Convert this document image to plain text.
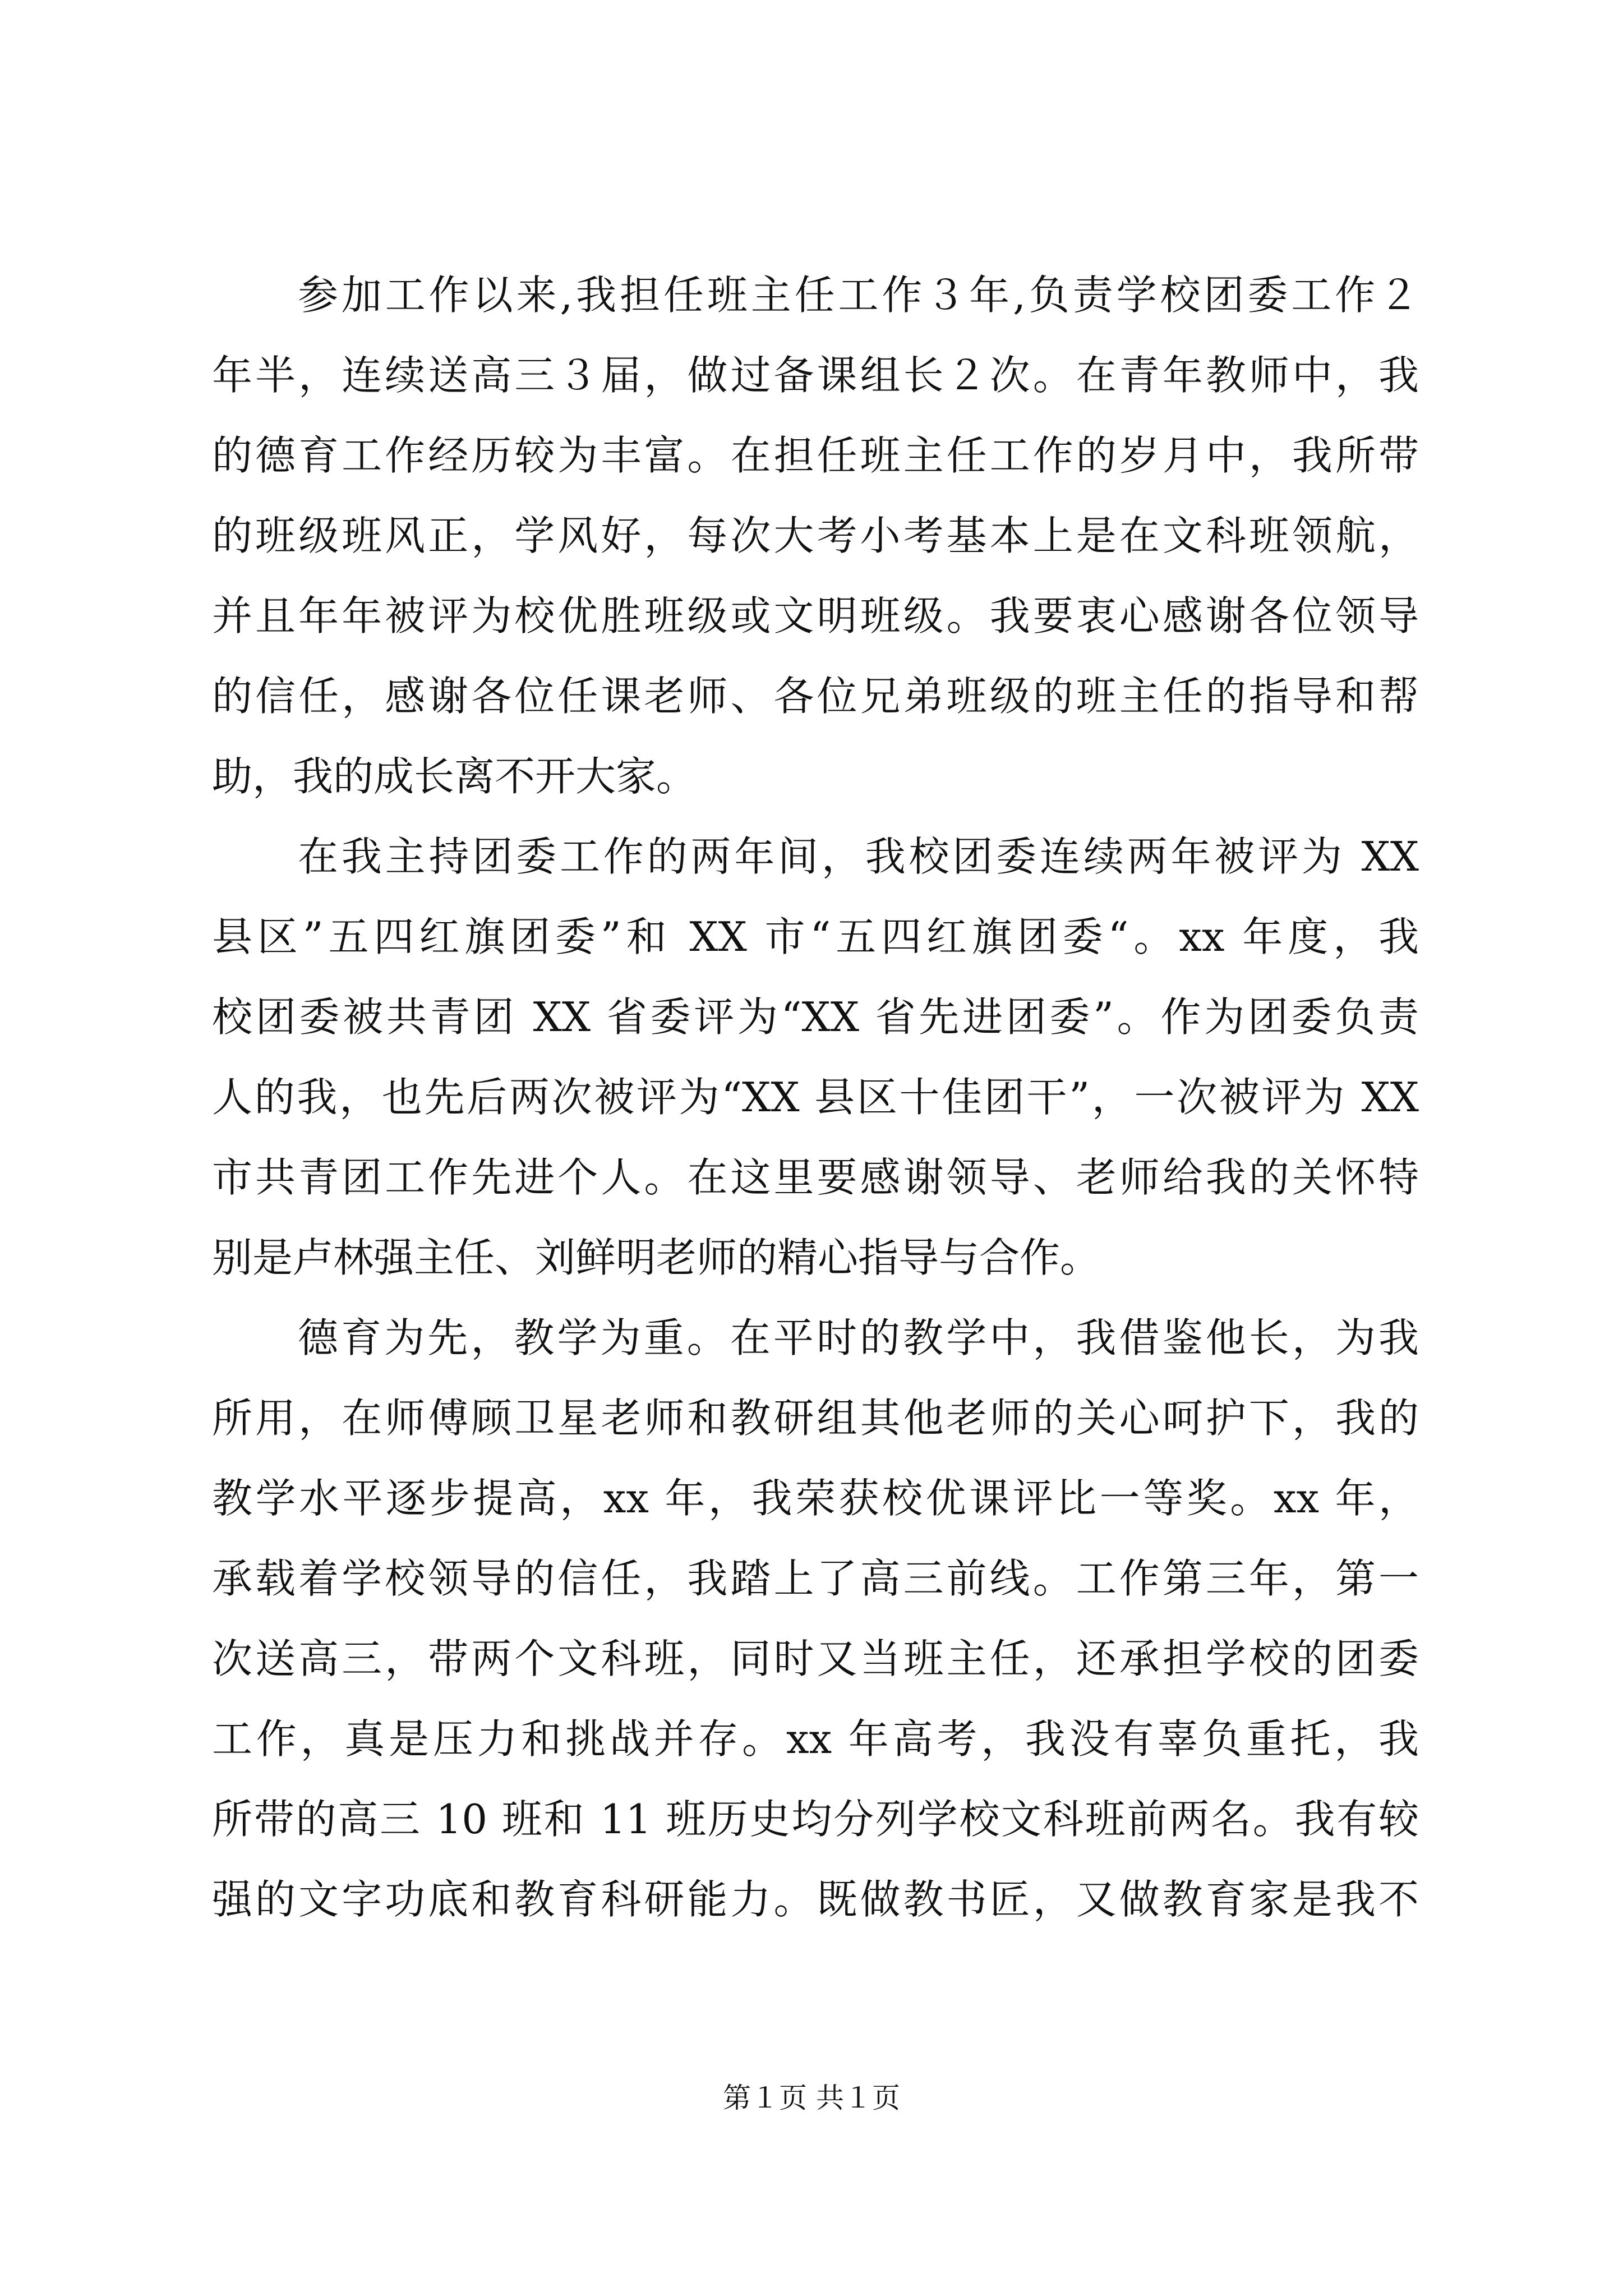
参加工作以来,我担任班主任工作３年,负责学校团委工作２
年半，连续送高三３届，做过备课组长２次。在青年教师中，我
的德育工作经历较为丰富。在担任班主任工作的岁月中，我所带
的班级班风正，学风好，每次大考小考基本上是在文科班领航，
并且年年被评为校优胜班级或文明班级。我要衷心感谢各位领导
的信任，感谢各位任课老师、各位兄弟班级的班主任的指导和帮
助，我的成长离不开大家。
在我主持团委工作的两年间，我校团委连续两年被评为 XX
县区”五四红旗团委”和 XX 市“五四红旗团委“。xx 年度，我
校团委被共青团 XX 省委评为“XX 省先进团委”。作为团委负责
人的我，也先后两次被评为“XX 县区十佳团干”，一次被评为 XX
市共青团工作先进个人。在这里要感谢领导、老师给我的关怀特
别是卢林强主任、刘鲜明老师的精心指导与合作。
德育为先，教学为重。在平时的教学中，我借鉴他长，为我
所用，在师傅顾卫星老师和教研组其他老师的关心呵护下，我的
教学水平逐步提高，xx 年，我荣获校优课评比一等奖。xx 年，
承载着学校领导的信任，我踏上了高三前线。工作第三年，第一
次送高三，带两个文科班，同时又当班主任，还承担学校的团委
工作，真是压力和挑战并存。xx 年高考，我没有辜负重托，我
所带的高三 10 班和 11 班历史均分列学校文科班前两名。我有较
强的文字功底和教育科研能力。既做教书匠，又做教育家是我不
第１页 共１页
